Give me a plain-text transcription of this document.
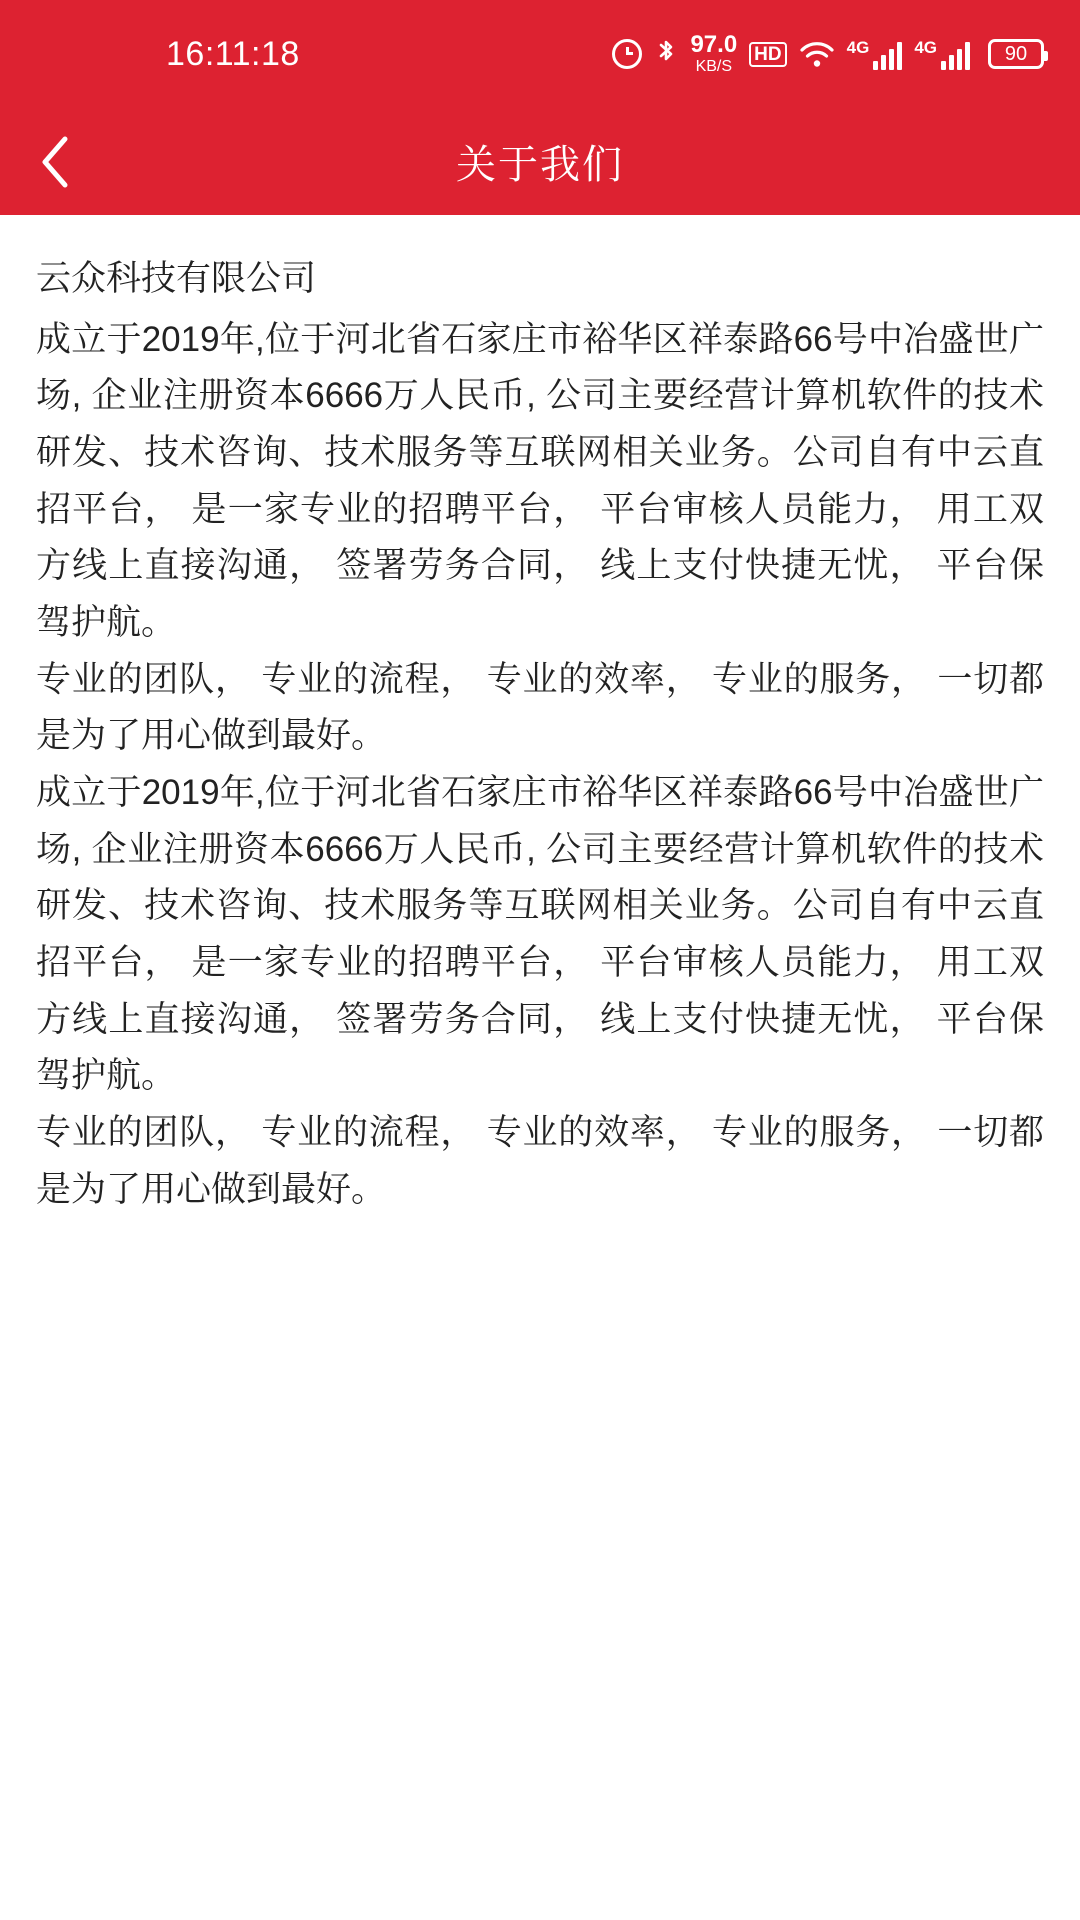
16:11:18	97.0
KB/S
HD	4G	4G	90
关于我们
云众科技有限公司

成立于2019年,位于河北省石家庄市裕华区祥泰路66号中冶盛世广场, 企业注册资本6666万人民币, 公司主要经营计算机软件的技术研发、技术咨询、技术服务等互联网相关业务。公司自有中云直招平台， 是一家专业的招聘平台， 平台审核人员能力， 用工双方线上直接沟通， 签署劳务合同， 线上支付快捷无忧， 平台保驾护航。

专业的团队， 专业的流程， 专业的效率， 专业的服务， 一切都是为了用心做到最好。

成立于2019年,位于河北省石家庄市裕华区祥泰路66号中冶盛世广场, 企业注册资本6666万人民币, 公司主要经营计算机软件的技术研发、技术咨询、技术服务等互联网相关业务。公司自有中云直招平台， 是一家专业的招聘平台， 平台审核人员能力， 用工双方线上直接沟通， 签署劳务合同， 线上支付快捷无忧， 平台保驾护航。

专业的团队， 专业的流程， 专业的效率， 专业的服务， 一切都是为了用心做到最好。
